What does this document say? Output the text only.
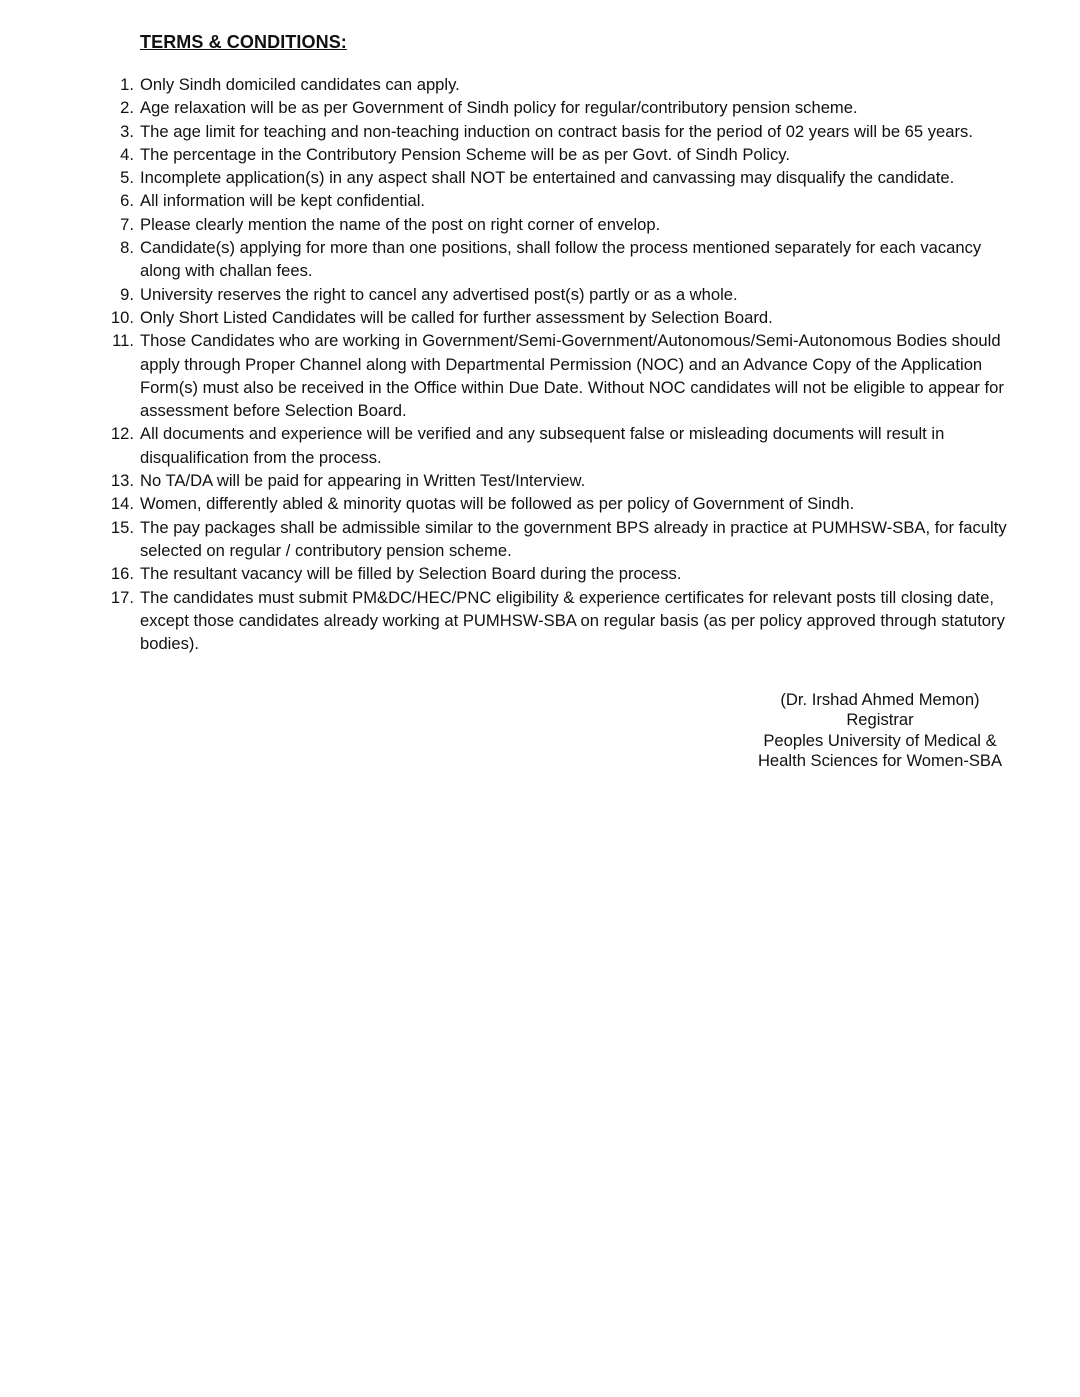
TERMS & CONDITIONS:
1. Only Sindh domiciled candidates can apply.
2. Age relaxation will be as per Government of Sindh policy for regular/contributory pension scheme.
3. The age limit for teaching and non-teaching induction on contract basis for the period of 02 years will be 65 years.
4. The percentage in the Contributory Pension Scheme will be as per Govt. of Sindh Policy.
5. Incomplete application(s) in any aspect shall NOT be entertained and canvassing may disqualify the candidate.
6. All information will be kept confidential.
7. Please clearly mention the name of the post on right corner of envelop.
8. Candidate(s) applying for more than one positions, shall follow the process mentioned separately for each vacancy along with challan fees.
9. University reserves the right to cancel any advertised post(s) partly or as a whole.
10. Only Short Listed Candidates will be called for further assessment by Selection Board.
11. Those Candidates who are working in Government/Semi-Government/Autonomous/Semi-Autonomous Bodies should apply through Proper Channel along with Departmental Permission (NOC) and an Advance Copy of the Application Form(s) must also be received in the Office within Due Date. Without NOC candidates will not be eligible to appear for assessment before Selection Board.
12. All documents and experience will be verified and any subsequent false or misleading documents will result in disqualification from the process.
13. No TA/DA will be paid for appearing in Written Test/Interview.
14. Women, differently abled & minority quotas will be followed as per policy of Government of Sindh.
15. The pay packages shall be admissible similar to the government BPS already in practice at PUMHSW-SBA, for faculty selected on regular / contributory pension scheme.
16. The resultant vacancy will be filled by Selection Board during the process.
17. The candidates must submit PM&DC/HEC/PNC eligibility & experience certificates for relevant posts till closing date, except those candidates already working at PUMHSW-SBA on regular basis (as per policy approved through statutory bodies).
(Dr. Irshad Ahmed Memon)
Registrar
Peoples University of Medical &
Health Sciences for Women-SBA
